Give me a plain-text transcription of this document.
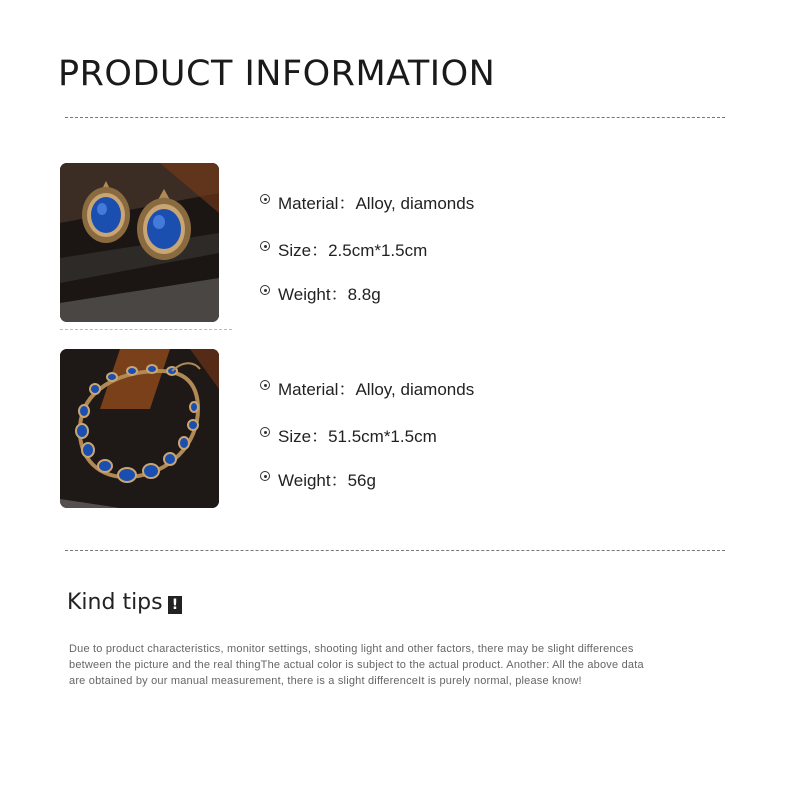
PRODUCT INFORMATION
Material：Alloy, diamonds
Size：2.5cm*1.5cm
Weight：8.8g
Material：Alloy, diamonds
Size：51.5cm*1.5cm
Weight：56g
Kind tips !
Due to product characteristics, monitor settings, shooting light and other factors, there may be slight differences between the picture and the real thingThe actual color is subject to the actual product. Another: All the above data are obtained by our manual measurement, there is a slight differenceIt is purely normal, please know!
